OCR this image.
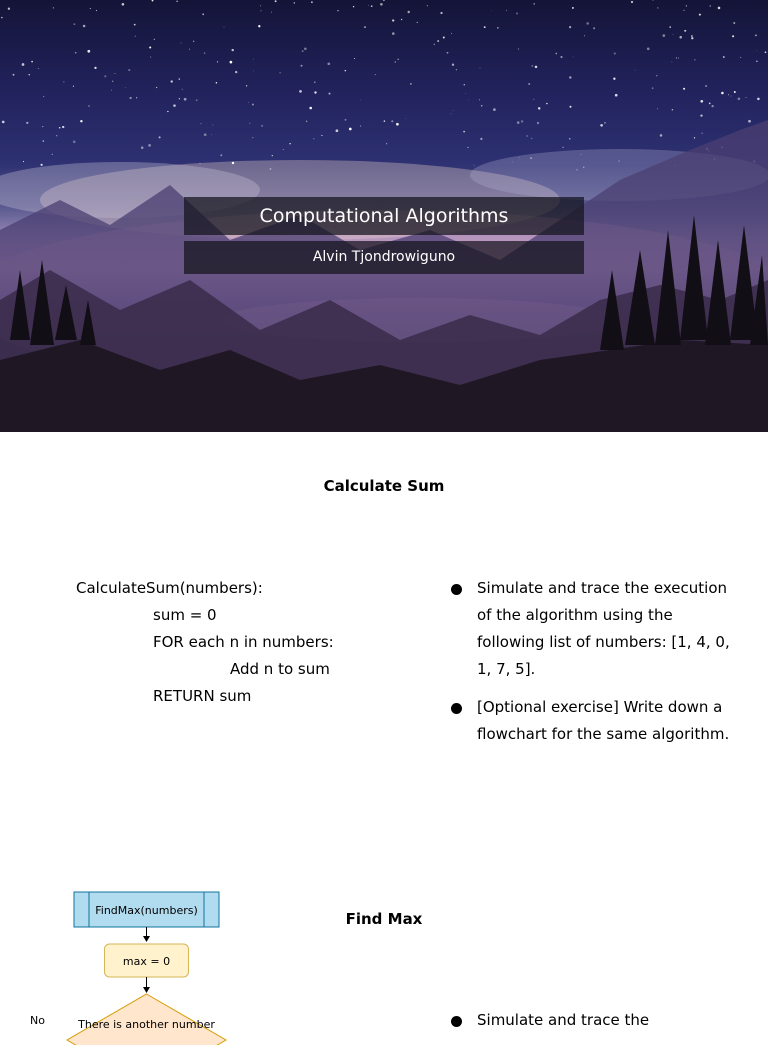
Computational Algorithms
Alvin Tjondrowiguno
Calculate Sum
CalculateSum(numbers):
sum = 0
FOR each n in numbers:
Add n to sum
RETURN sum
Simulate and trace the execution of the algorithm using the following list of numbers: [1, 4, 0, 1, 7, 5].
[Optional exercise] Write down a flowchart for the same algorithm.
Find Max
FindMax(numbers)
max = 0
There is another number
No	Simulate and trace the
